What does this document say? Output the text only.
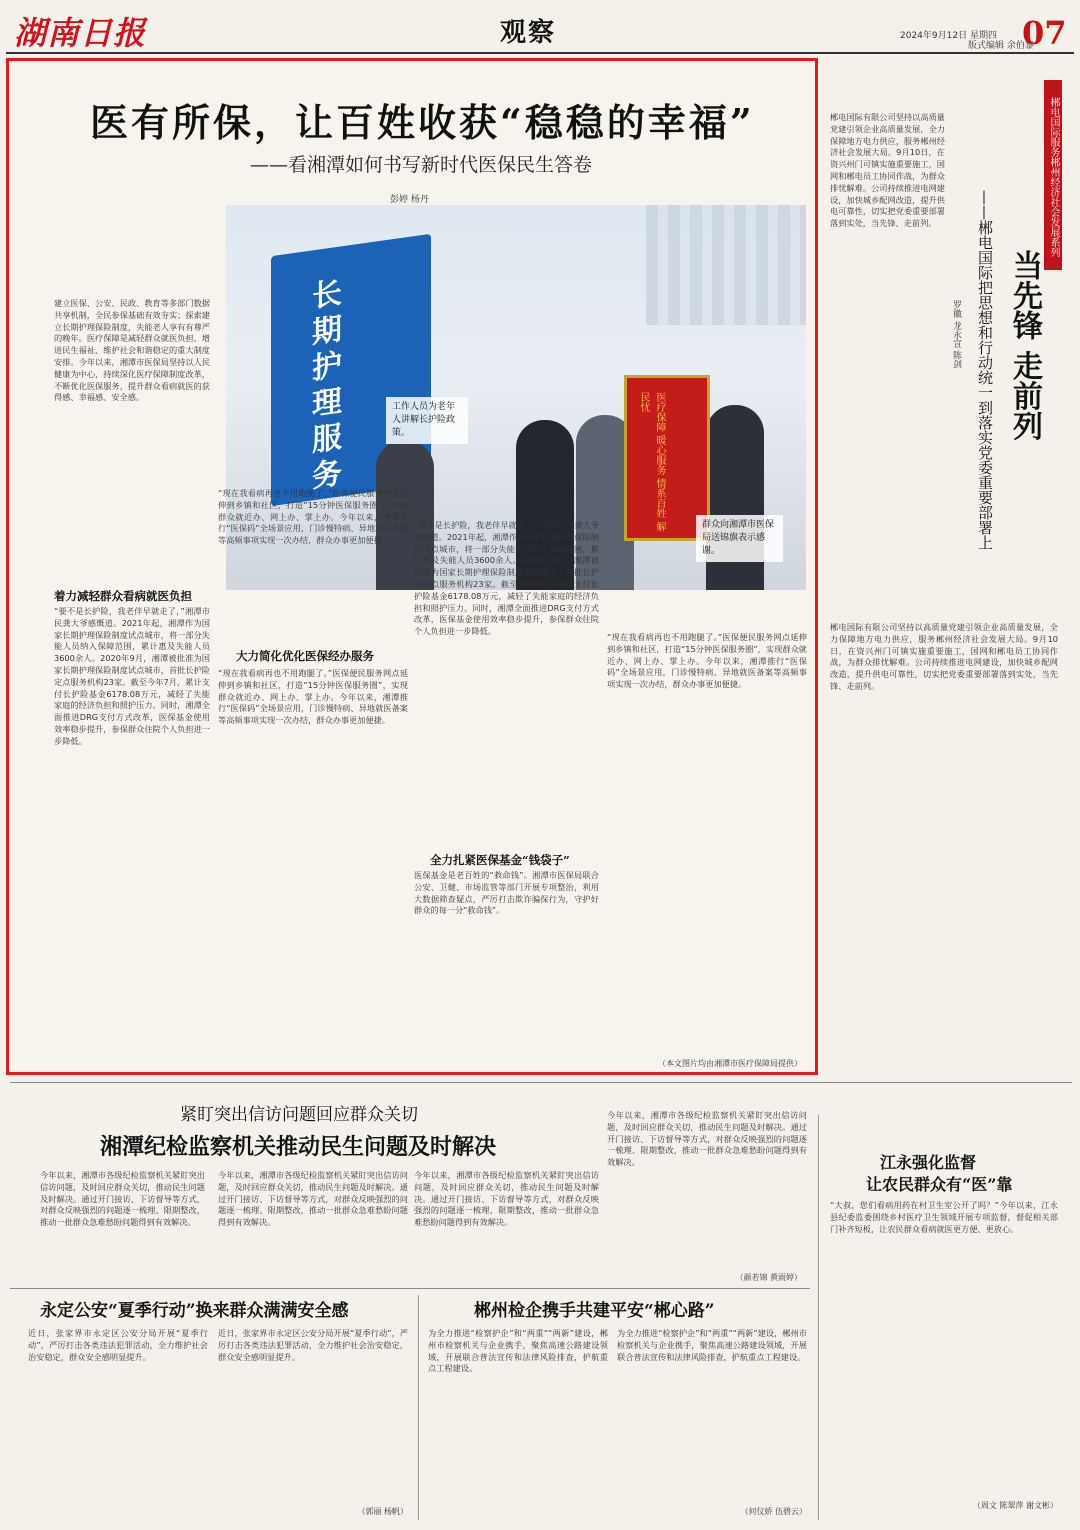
湖南日报	观察	2024年9月12日 星期四
版式编辑 余伯黎
07
医有所保，让百姓收获“稳稳的幸福”
——看湘潭如何书写新时代医保民生答卷
彭婷 杨丹
长期护理服务	医疗保障 暖心服务 情系百姓 解民忧
工作人员为老年人讲解长护险政策。
群众向湘潭市医保局送锦旗表示感谢。
建立医保、公安、民政、教育等多部门数据共享机制，全民参保基础有效夯实；探索建立长期护理保险制度，失能老人享有有尊严的晚年。医疗保障是减轻群众就医负担、增进民生福祉、维护社会和谐稳定的重大制度安排。今年以来，湘潭市医保局坚持以人民健康为中心，持续深化医疗保障制度改革，不断优化医保服务，提升群众看病就医的获得感、幸福感、安全感。
着力减轻群众看病就医负担
“要不是长护险，我老伴早就走了，”湘潭市民龚大爷感慨道。2021年起，湘潭作为国家长期护理保险制度试点城市，将一部分失能人员纳入保障范围，累计惠及失能人员3600余人。2020年9月，湘潭被批准为国家长期护理保险制度试点城市，首批长护险定点服务机构23家。截至今年7月，累计支付长护险基金6178.08万元，减轻了失能家庭的经济负担和照护压力。同时，湘潭全面推进DRG支付方式改革，医保基金使用效率稳步提升，参保群众住院个人负担进一步降低。
“现在我看病再也不用跑腿了。”医保便民服务网点延伸到乡镇和社区，打造“15分钟医保服务圈”，实现群众就近办、网上办、掌上办。今年以来，湘潭推行“医保码”全场景应用，门诊慢特病、异地就医备案等高频事项实现一次办结，群众办事更加便捷。
大力简化优化医保经办服务
“现在我看病再也不用跑腿了。”医保便民服务网点延伸到乡镇和社区，打造“15分钟医保服务圈”，实现群众就近办、网上办、掌上办。今年以来，湘潭推行“医保码”全场景应用，门诊慢特病、异地就医备案等高频事项实现一次办结，群众办事更加便捷。
“要不是长护险，我老伴早就走了，”湘潭市民龚大爷感慨道。2021年起，湘潭作为国家长期护理保险制度试点城市，将一部分失能人员纳入保障范围，累计惠及失能人员3600余人。2020年9月，湘潭被批准为国家长期护理保险制度试点城市，首批长护险定点服务机构23家。截至今年7月，累计支付长护险基金6178.08万元，减轻了失能家庭的经济负担和照护压力。同时，湘潭全面推进DRG支付方式改革，医保基金使用效率稳步提升，参保群众住院个人负担进一步降低。
全力扎紧医保基金“钱袋子”
医保基金是老百姓的“救命钱”。湘潭市医保局联合公安、卫健、市场监管等部门开展专项整治，利用大数据筛查疑点，严厉打击欺诈骗保行为，守护好群众的每一分“救命钱”。
“现在我看病再也不用跑腿了。”医保便民服务网点延伸到乡镇和社区，打造“15分钟医保服务圈”，实现群众就近办、网上办、掌上办。今年以来，湘潭推行“医保码”全场景应用，门诊慢特病、异地就医备案等高频事项实现一次办结，群众办事更加便捷。
（本文图片均由湘潭市医疗保障局提供）
郴电国际服务郴州经济社会发展系列
当先锋 走前列
——郴电国际把思想和行动统一到落实党委重要部署上
罗徽 龙永宣 陈剑
郴电国际有限公司坚持以高质量党建引领企业高质量发展，全力保障地方电力供应，服务郴州经济社会发展大局。9月10日，在资兴州门可镇实施重要施工，国网和郴电员工协同作战，为群众排忧解难。公司持续推进电网建设，加快城乡配网改造，提升供电可靠性，切实把党委重要部署落到实处，当先锋、走前列。
郴电国际有限公司坚持以高质量党建引领企业高质量发展，全力保障地方电力供应，服务郴州经济社会发展大局。9月10日，在资兴州门可镇实施重要施工，国网和郴电员工协同作战，为群众排忧解难。公司持续推进电网建设，加快城乡配网改造，提升供电可靠性，切实把党委重要部署落到实处，当先锋、走前列。
紧盯突出信访问题回应群众关切
湘潭纪检监察机关推动民生问题及时解决
今年以来，湘潭市各级纪检监察机关紧盯突出信访问题，及时回应群众关切，推动民生问题及时解决。通过开门接访、下访督导等方式，对群众反映强烈的问题逐一梳理、限期整改，推动一批群众急难愁盼问题得到有效解决。
今年以来，湘潭市各级纪检监察机关紧盯突出信访问题，及时回应群众关切，推动民生问题及时解决。通过开门接访、下访督导等方式，对群众反映强烈的问题逐一梳理、限期整改，推动一批群众急难愁盼问题得到有效解决。
今年以来，湘潭市各级纪检监察机关紧盯突出信访问题，及时回应群众关切，推动民生问题及时解决。通过开门接访、下访督导等方式，对群众反映强烈的问题逐一梳理、限期整改，推动一批群众急难愁盼问题得到有效解决。
今年以来，湘潭市各级纪检监察机关紧盯突出信访问题，及时回应群众关切，推动民生问题及时解决。通过开门接访、下访督导等方式，对群众反映强烈的问题逐一梳理、限期整改，推动一批群众急难愁盼问题得到有效解决。
（颜若锦 黄雨婷）
江永强化监督
让农民群众有“医”靠
“大叔，您们看病用药在村卫生室公开了吗？”今年以来，江永县纪委监委围绕乡村医疗卫生领域开展专项监督，督促相关部门补齐短板，让农民群众看病就医更方便、更放心。
（周文 陈翠萍 谢文彬）
永定公安“夏季行动”换来群众满满安全感
近日，张家界市永定区公安分局开展“夏季行动”，严厉打击各类违法犯罪活动，全力维护社会治安稳定，群众安全感明显提升。
近日，张家界市永定区公安分局开展“夏季行动”，严厉打击各类违法犯罪活动，全力维护社会治安稳定，群众安全感明显提升。
（郭丽 杨帆）
郴州检企携手共建平安“郴心路”
为全力推进“检察护企”和“两重”“两新”建设，郴州市检察机关与企业携手，聚焦高速公路建设领域，开展联合普法宣传和法律风险排查，护航重点工程建设。
为全力推进“检察护企”和“两重”“两新”建设，郴州市检察机关与企业携手，聚焦高速公路建设领域，开展联合普法宣传和法律风险排查，护航重点工程建设。
（何仪娇 伍碧云）
